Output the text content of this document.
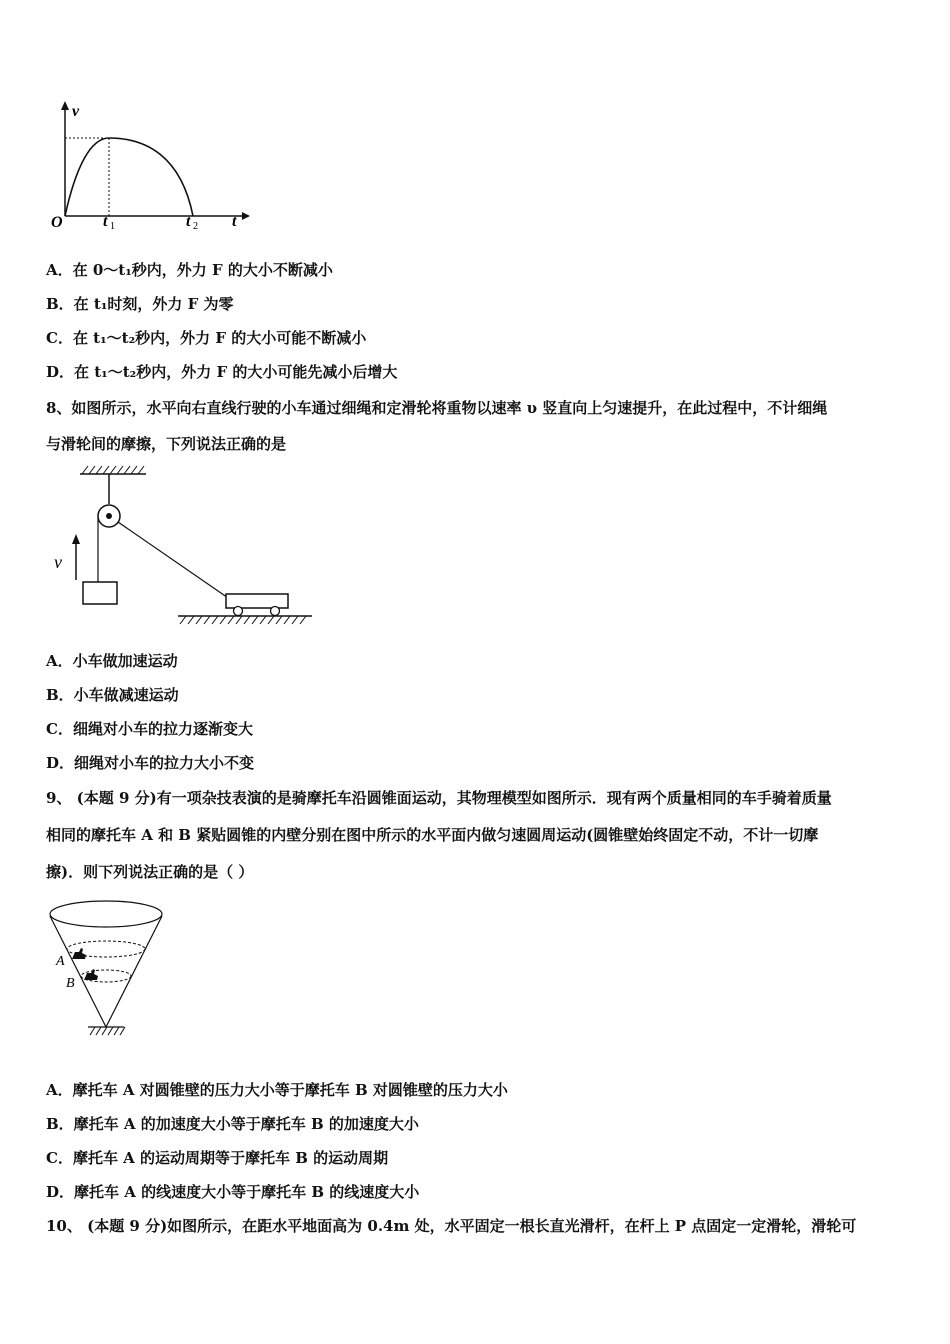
v
O	t 1	t 2 t
A．在 0～t₁秒内，外力 F 的大小不断减小
B．在 t₁时刻，外力 F 为零
C．在 t₁～t₂秒内，外力 F 的大小可能不断减小
D．在 t₁～t₂秒内，外力 F 的大小可能先减小后增大
8、如图所示，水平向右直线行驶的小车通过细绳和定滑轮将重物以速率 υ 竖直向上匀速提升，在此过程中，不计细绳
与滑轮间的摩擦，下列说法正确的是
v
A．小车做加速运动
B．小车做减速运动
C．细绳对小车的拉力逐渐变大
D．细绳对小车的拉力大小不变
9、 (本题 9 分)有一项杂技表演的是骑摩托车沿圆锥面运动，其物理模型如图所示．现有两个质量相同的车手骑着质量
相同的摩托车 A 和 B 紧贴圆锥的内壁分别在图中所示的水平面内做匀速圆周运动(圆锥壁始终固定不动，不计一切摩
擦)．则下列说法正确的是（ ）
A
B
A．摩托车 A 对圆锥壁的压力大小等于摩托车 B 对圆锥壁的压力大小
B．摩托车 A 的加速度大小等于摩托车 B 的加速度大小
C．摩托车 A 的运动周期等于摩托车 B 的运动周期
D．摩托车 A 的线速度大小等于摩托车 B 的线速度大小
10、 (本题 9 分)如图所示，在距水平地面高为 0.4m 处，水平固定一根长直光滑杆，在杆上 P 点固定一定滑轮，滑轮可
